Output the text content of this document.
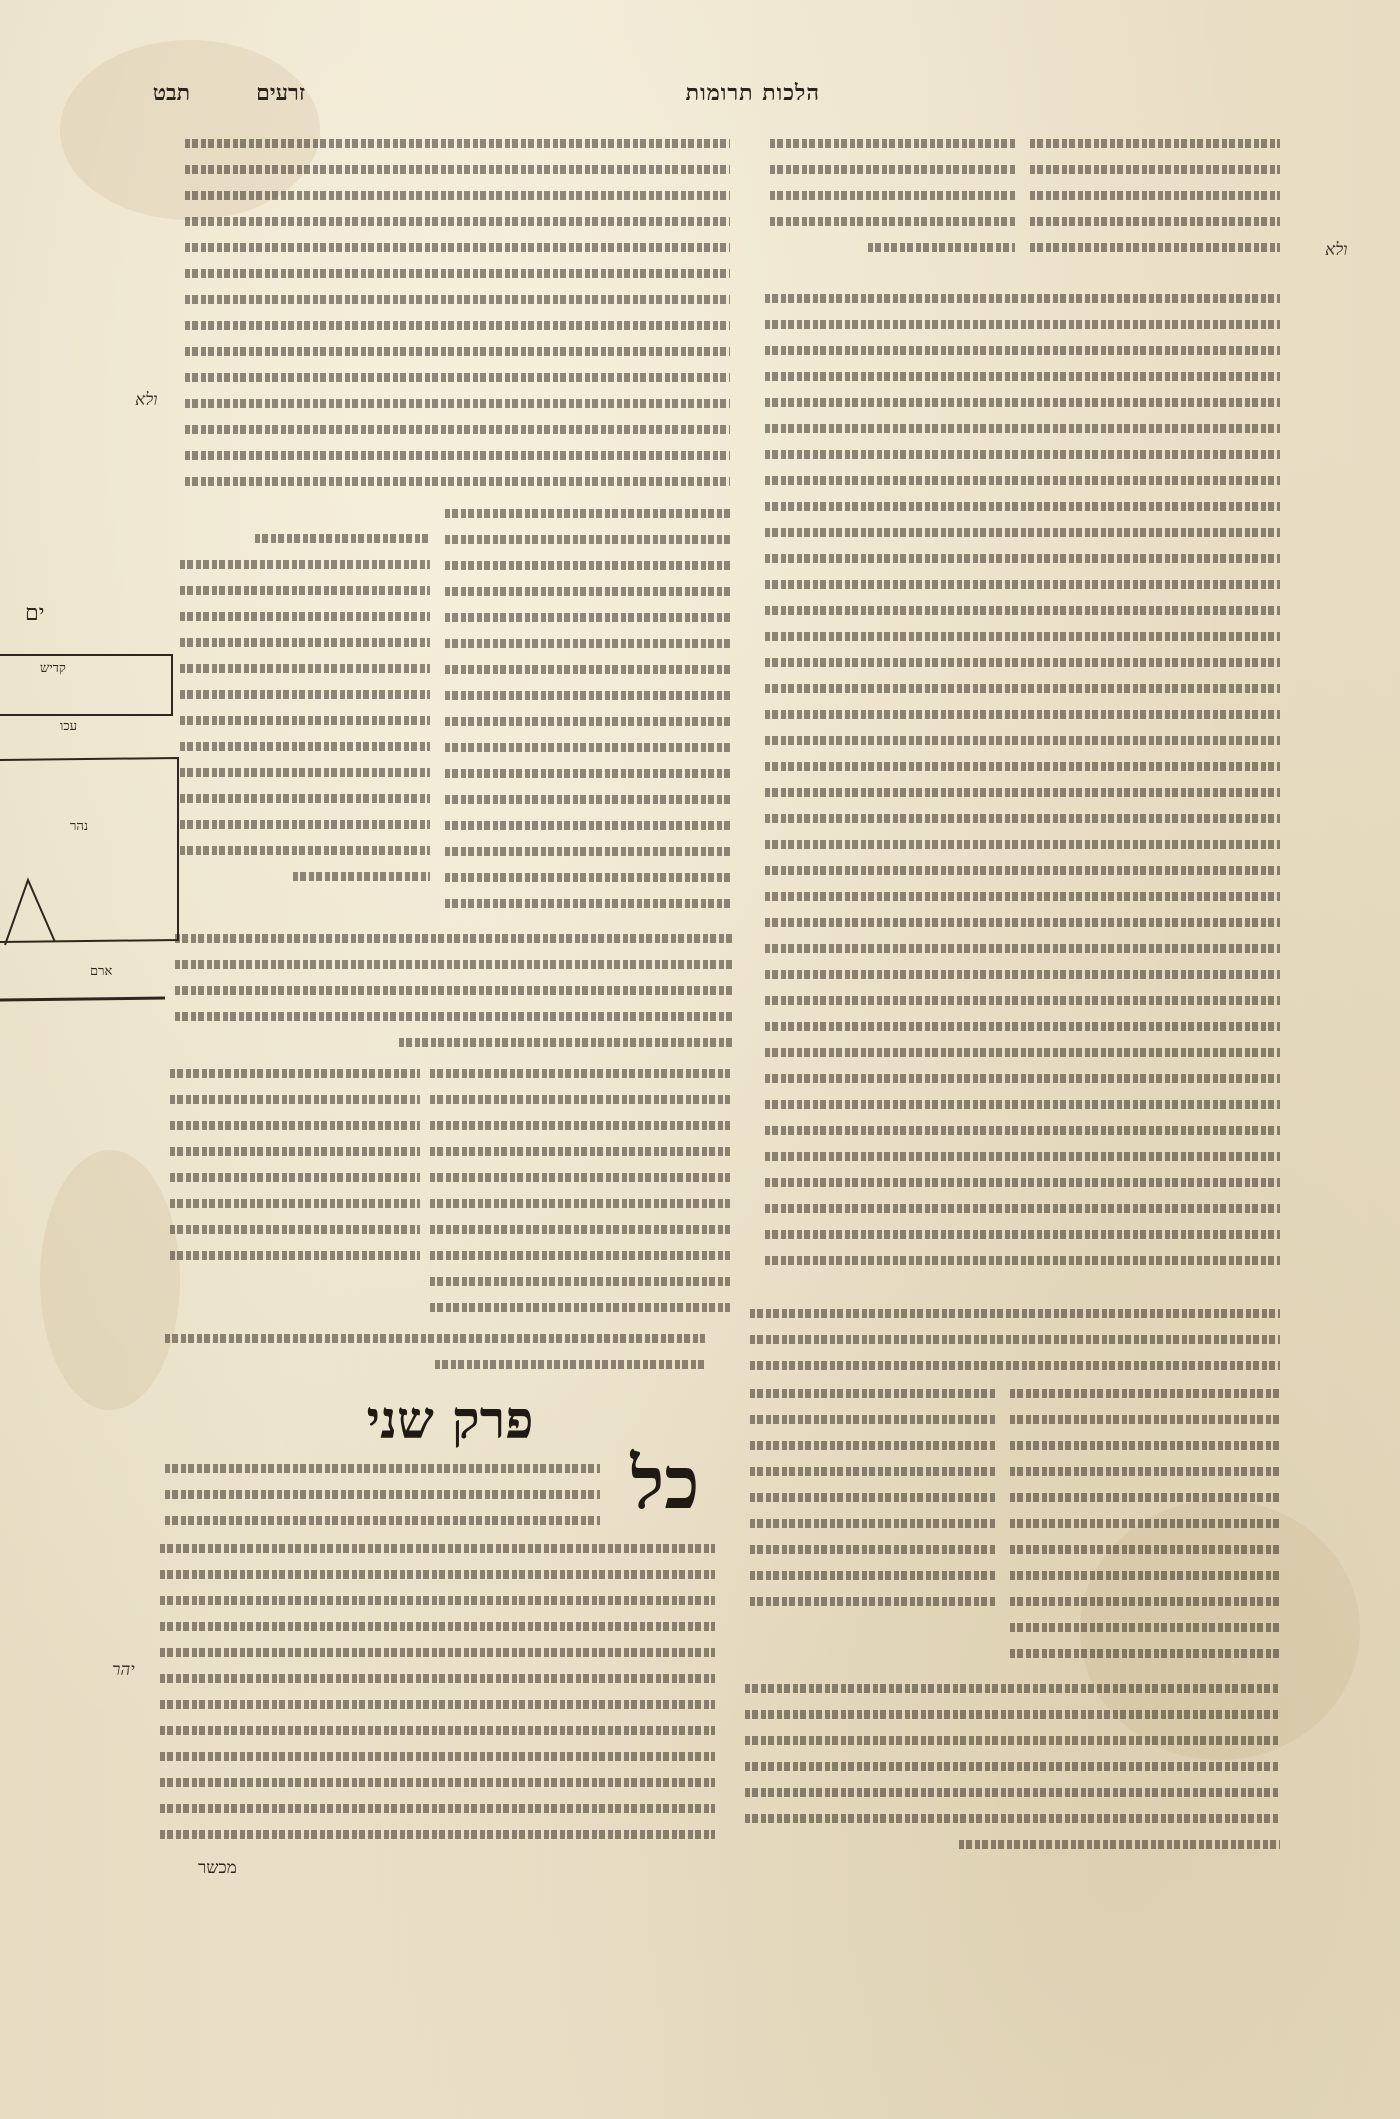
הלכות תרומות
זרעים
תבט
פרק שני
כל
מכשר
ולא
ולא
יהר
ים
קדיש
עכו
נהר
ארם
